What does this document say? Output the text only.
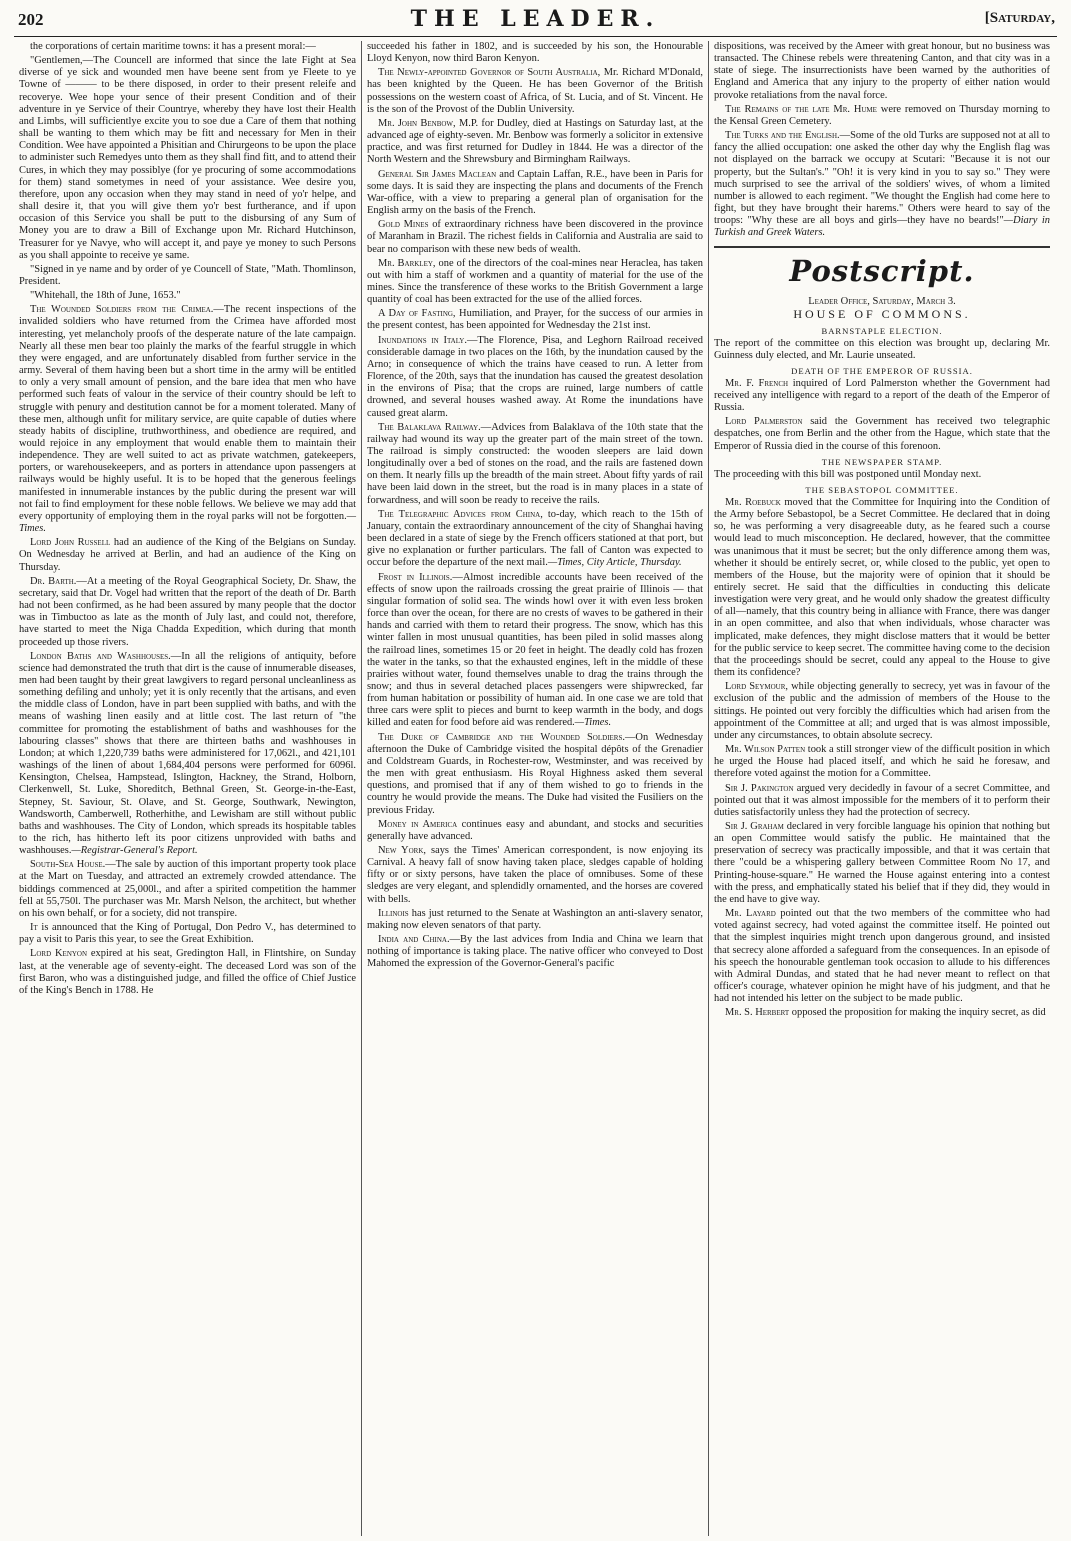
202	THE LEADER.	[Saturday,

the corporations of certain maritime towns: it has a present moral:—

"Gentlemen,—The Councell are informed that since the late Fight at Sea diverse of ye sick and wounded men have beene sent from ye Fleete to ye Towne of ——— to be there disposed, in order to their present releife and recoverye. Wee hope your sence of their present Condition and of their adventure in ye Service of their Countrye, whereby they have lost their Health and Limbs, will sufficientlye excite you to soe due a Care of them that nothing shall be wanting to them which may be fitt and necessary for Men in their Condition. Wee have appointed a Phisitian and Chirurgeons to be upon the place to administer such Remedyes unto them as they shall find fitt, and to attend their Cures, in which they may possiblye (for ye procuring of some accommodations for them) stand sometymes in need of your assistance. Wee desire you, therefore, upon any occasion when they may stand in need of yo'r helpe, and shall desire it, that you will give them yo'r best furtherance, and if upon occasion of this Service you shall be putt to the disbursing of any Sum of Money you are to draw a Bill of Exchange upon Mr. Richard Hutchinson, Treasurer for ye Navye, who will accept it, and paye ye money to such Persons as you shall appointe to receive ye same.

"Signed in ye name and by order of ye Councell of State, "Math. Thomlinson, President.

"Whitehall, the 18th of June, 1653."

The Wounded Soldiers from the Crimea.—The recent inspections of the invalided soldiers who have returned from the Crimea have afforded most interesting, yet melancholy proofs of the desperate nature of the late campaign. Nearly all these men bear too plainly the marks of the fearful struggle in which they were engaged, and are unfortunately disabled from further service in the army. Several of them having been but a short time in the army will be entitled to only a very small amount of pension, and the bare idea that men who have performed such feats of valour in the service of their country should be left to struggle with penury and destitution cannot be for a moment tolerated. Many of these men, although unfit for military service, are quite capable of duties where steady habits of discipline, truthworthiness, and obedience are required, and would rejoice in any employment that would enable them to maintain their independence. They are well suited to act as private watchmen, gatekeepers, porters, or warehousekeepers, and as porters in attendance upon passengers at railways would be highly useful. It is to be hoped that the generous feelings manifested in innumerable instances by the public during the present war will not fail to find employment for these noble fellows. We believe we may add that every opportunity of employing them in the royal parks will not be forgotten.—Times.

Lord John Russell had an audience of the King of the Belgians on Sunday. On Wednesday he arrived at Berlin, and had an audience of the King on Thursday.

Dr. Barth.—At a meeting of the Royal Geographical Society, Dr. Shaw, the secretary, said that Dr. Vogel had written that the report of the death of Dr. Barth had not been confirmed, as he had been assured by many people that the doctor was in Timbuctoo as late as the month of July last, and could not, therefore, have started to meet the Niga Chadda Expedition, which during that month proceeded up those rivers.

London Baths and Washhouses.—In all the religions of antiquity, before science had demonstrated the truth that dirt is the cause of innumerable diseases, men had been taught by their great lawgivers to regard personal uncleanliness as something defiling and unholy; yet it is only recently that the artisans, and even the middle class of London, have in part been supplied with baths, and with the means of washing linen easily and at little cost. The last return of "the committee for promoting the establishment of baths and washhouses for the labouring classes" shows that there are thirteen baths and washhouses in London; at which 1,220,739 baths were administered for 17,062l., and 421,101 washings of the linen of about 1,684,404 persons were performed for 6096l. Kensington, Chelsea, Hampstead, Islington, Hackney, the Strand, Holborn, Clerkenwell, St. Luke, Shoreditch, Bethnal Green, St. George-in-the-East, Stepney, St. Saviour, St. Olave, and St. George, Southwark, Newington, Wandsworth, Camberwell, Rotherhithe, and Lewisham are still without public baths and washhouses. The City of London, which spreads its hospitable tables to the rich, has hitherto left its poor citizens unprovided with baths and washhouses.—Registrar-General's Report.

South-Sea House.—The sale by auction of this important property took place at the Mart on Tuesday, and attracted an extremely crowded attendance. The biddings commenced at 25,000l., and after a spirited competition the hammer fell at 55,750l. The purchaser was Mr. Marsh Nelson, the architect, but whether on his own behalf, or for a society, did not transpire.

It is announced that the King of Portugal, Don Pedro V., has determined to pay a visit to Paris this year, to see the Great Exhibition.

Lord Kenyon expired at his seat, Gredington Hall, in Flintshire, on Sunday last, at the venerable age of seventy-eight. The deceased Lord was son of the first Baron, who was a distinguished judge, and filled the office of Chief Justice of the King's Bench in 1788. He

succeeded his father in 1802, and is succeeded by his son, the Honourable Lloyd Kenyon, now third Baron Kenyon.

The Newly-appointed Governor of South Australia, Mr. Richard M'Donald, has been knighted by the Queen. He has been Governor of the British possessions on the western coast of Africa, of St. Lucia, and of St. Vincent. He is the son of the Provost of the Dublin University.

Mr. John Benbow, M.P. for Dudley, died at Hastings on Saturday last, at the advanced age of eighty-seven. Mr. Benbow was formerly a solicitor in extensive practice, and was first returned for Dudley in 1844. He was a director of the North Western and the Shrewsbury and Birmingham Railways.

General Sir James Maclean and Captain Laffan, R.E., have been in Paris for some days. It is said they are inspecting the plans and documents of the French War-office, with a view to preparing a general plan of organisation for the English army on the basis of the French.

Gold Mines of extraordinary richness have been discovered in the province of Maranham in Brazil. The richest fields in California and Australia are said to bear no comparison with these new beds of wealth.

Mr. Barkley, one of the directors of the coal-mines near Heraclea, has taken out with him a staff of workmen and a quantity of material for the use of the mines. Since the transference of these works to the British Government a large quantity of coal has been extracted for the use of the allied forces.

A Day of Fasting, Humiliation, and Prayer, for the success of our armies in the present contest, has been appointed for Wednesday the 21st inst.

Inundations in Italy.—The Florence, Pisa, and Leghorn Railroad received considerable damage in two places on the 16th, by the inundation caused by the Arno; in consequence of which the trains have ceased to run. A letter from Florence, of the 20th, says that the inundation has caused the greatest desolation in the environs of Pisa; that the crops are ruined, large numbers of cattle drowned, and several houses washed away. At Rome the inundations have caused great alarm.

The Balaklava Railway.—Advices from Balaklava of the 10th state that the railway had wound its way up the greater part of the main street of the town. The railroad is simply constructed: the wooden sleepers are laid down longitudinally over a bed of stones on the road, and the rails are fastened down on them. It nearly fills up the breadth of the main street. About fifty yards of rail have been laid down in the street, but the road is in many places in a state of forwardness, and will soon be ready to receive the rails.

The Telegraphic Advices from China, to-day, which reach to the 15th of January, contain the extraordinary announcement of the city of Shanghai having been declared in a state of siege by the French officers stationed at that port, but give no explanation or further particulars. The fall of Canton was expected to occur before the departure of the next mail.—Times, City Article, Thursday.

Frost in Illinois.—Almost incredible accounts have been received of the effects of snow upon the railroads crossing the great prairie of Illinois — that singular formation of solid sea. The winds howl over it with even less broken force than over the ocean, for there are no crests of waves to be gathered in their hands and carried with them to retard their progress. The snow, which has this winter fallen in most unusual quantities, has been piled in solid masses along the railroad lines, sometimes 15 or 20 feet in height. The deadly cold has frozen the water in the tanks, so that the exhausted engines, left in the middle of these prairies without water, found themselves unable to drag the trains through the snow; and thus in several detached places passengers were shipwrecked, far from human habitation or possibility of human aid. In one case we are told that three cars were split to pieces and burnt to keep warmth in the body, and dogs killed and eaten for food before aid was rendered.—Times.

The Duke of Cambridge and the Wounded Soldiers.—On Wednesday afternoon the Duke of Cambridge visited the hospital dépôts of the Grenadier and Coldstream Guards, in Rochester-row, Westminster, and was received by the men with great enthusiasm. His Royal Highness asked them several questions, and promised that if any of them wished to go to friends in the country he would provide the means. The Duke had visited the Fusiliers on the previous Friday.

Money in America continues easy and abundant, and stocks and securities generally have advanced.

New York, says the Times' American correspondent, is now enjoying its Carnival. A heavy fall of snow having taken place, sledges capable of holding fifty or or sixty persons, have taken the place of omnibuses. Some of these sledges are very elegant, and splendidly ornamented, and the horses are covered with bells.

Illinois has just returned to the Senate at Washington an anti-slavery senator, making now eleven senators of that party.

India and China.—By the last advices from India and China we learn that nothing of importance is taking place. The native officer who conveyed to Dost Mahomed the expression of the Governor-General's pacific

dispositions, was received by the Ameer with great honour, but no business was transacted. The Chinese rebels were threatening Canton, and that city was in a state of siege. The insurrectionists have been warned by the authorities of England and America that any injury to the property of either nation would provoke retaliations from the naval force.

The Remains of the late Mr. Hume were removed on Thursday morning to the Kensal Green Cemetery.

The Turks and the English.—Some of the old Turks are supposed not at all to fancy the allied occupation: one asked the other day why the English flag was not displayed on the barrack we occupy at Scutari: "Because it is not our property, but the Sultan's." "Oh! it is very kind in you to say so." They were much surprised to see the arrival of the soldiers' wives, of whom a limited number is allowed to each regiment. "We thought the English had come here to fight, but they have brought their harems." Others were heard to say of the troops: "Why these are all boys and girls—they have no beards!"—Diary in Turkish and Greek Waters.

Postscript.
Leader Office, Saturday, March 3.
HOUSE OF COMMONS.
BARNSTAPLE ELECTION.

The report of the committee on this election was brought up, declaring Mr. Guinness duly elected, and Mr. Laurie unseated.

DEATH OF THE EMPEROR OF RUSSIA.

Mr. F. French inquired of Lord Palmerston whether the Government had received any intelligence with regard to a report of the death of the Emperor of Russia.

Lord Palmerston said the Government has received two telegraphic despatches, one from Berlin and the other from the Hague, which state that the Emperor of Russia died in the course of this forenoon.

THE NEWSPAPER STAMP.

The proceeding with this bill was postponed until Monday next.

THE SEBASTOPOL COMMITTEE.

Mr. Roebuck moved that the Committee for Inquiring into the Condition of the Army before Sebastopol, be a Secret Committee. He declared that in doing so, he was performing a very disagreeable duty, as he feared such a course would lead to much misconception. He declared, however, that the committee was unanimous that it must be secret; but the only difference among them was, whether it should be entirely secret, or, while closed to the public, yet open to members of the House, but the majority were of opinion that it should be entirely secret. He said that the difficulties in conducting this delicate investigation were very great, and he would only shadow the greatest difficulty of all—namely, that this country being in alliance with France, there was danger in an open committee, and also that when individuals, whose character was implicated, make defences, they might disclose matters that it would be better for the public service to keep secret. The committee having come to the decision that the proceedings should be secret, could any appeal to the House to give them its confidence?

Lord Seymour, while objecting generally to secrecy, yet was in favour of the exclusion of the public and the admission of members of the House to the sittings. He pointed out very forcibly the difficulties which had arisen from the appointment of the Committee at all; and urged that is was almost impossible, under any circumstances, to obtain absolute secrecy.

Mr. Wilson Patten took a still stronger view of the difficult position in which he urged the House had placed itself, and which he said he foresaw, and therefore voted against the motion for a Committee.

Sir J. Pakington argued very decidedly in favour of a secret Committee, and pointed out that it was almost impossible for the members of it to perform their duties satisfactorily unless they had the protection of secrecy.

Sir J. Graham declared in very forcible language his opinion that nothing but an open Committee would satisfy the public. He maintained that the preservation of secrecy was practically impossible, and that it was certain that there "could be a whispering gallery between Committee Room No 17, and Printing-house-square." He warned the House against entering into a contest with the press, and emphatically stated his belief that if they did, they would in the end have to give way.

Mr. Layard pointed out that the two members of the committee who had voted against secrecy, had voted against the committee itself. He pointed out that the simplest inquiries might trench upon dangerous ground, and insisted that secrecy alone afforded a safeguard from the consequences. In an episode of his speech the honourable gentleman took occasion to allude to his differences with Admiral Dundas, and stated that he had never meant to reflect on that officer's courage, whatever opinion he might have of his judgment, and that he had not intended his letter on the subject to be made public.

Mr. S. Herbert opposed the proposition for making the inquiry secret, as did
